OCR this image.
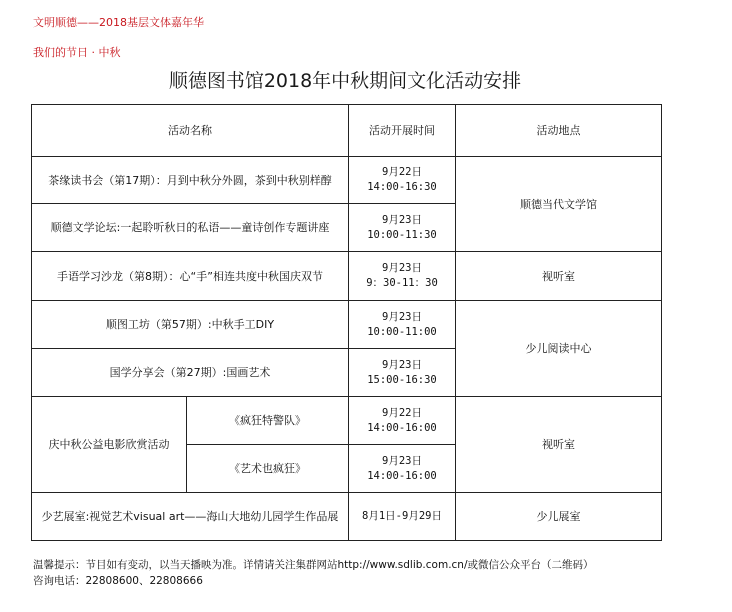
文明顺德——2018基层文体嘉年华
我们的节日 · 中秋
顺德图书馆2018年中秋期间文化活动安排
活动名称		活动开展时间	活动地点
茶缘读书会（第17期）：月到中秋分外圆，茶到中秋别样醇		9月22日
14:00-16:30	顺德当代文学馆
顺德文学论坛:一起聆听秋日的私语——童诗创作专题讲座		9月23日
10:00-11:30	
手语学习沙龙（第8期）：心“手”相连共度中秋国庆双节		9月23日
9：30-11：30	视听室
顺图工坊（第57期）:中秋手工DIY		9月23日
10:00-11:00	少儿阅读中心
国学分享会（第27期）:国画艺术		9月23日
15:00-16:30	
庆中秋公益电影欣赏活动	《疯狂特警队》	9月22日
14:00-16:00	视听室
	《艺术也疯狂》	9月23日
14:00-16:00	
少艺展室:视觉艺术visual art——海山大地幼儿园学生作品展		8月1日-9月29日	少儿展室
温馨提示：节目如有变动，以当天播映为准。详情请关注集群网站http://www.sdlib.com.cn/或微信公众平台（二维码）
咨询电话：22808600、22808666
